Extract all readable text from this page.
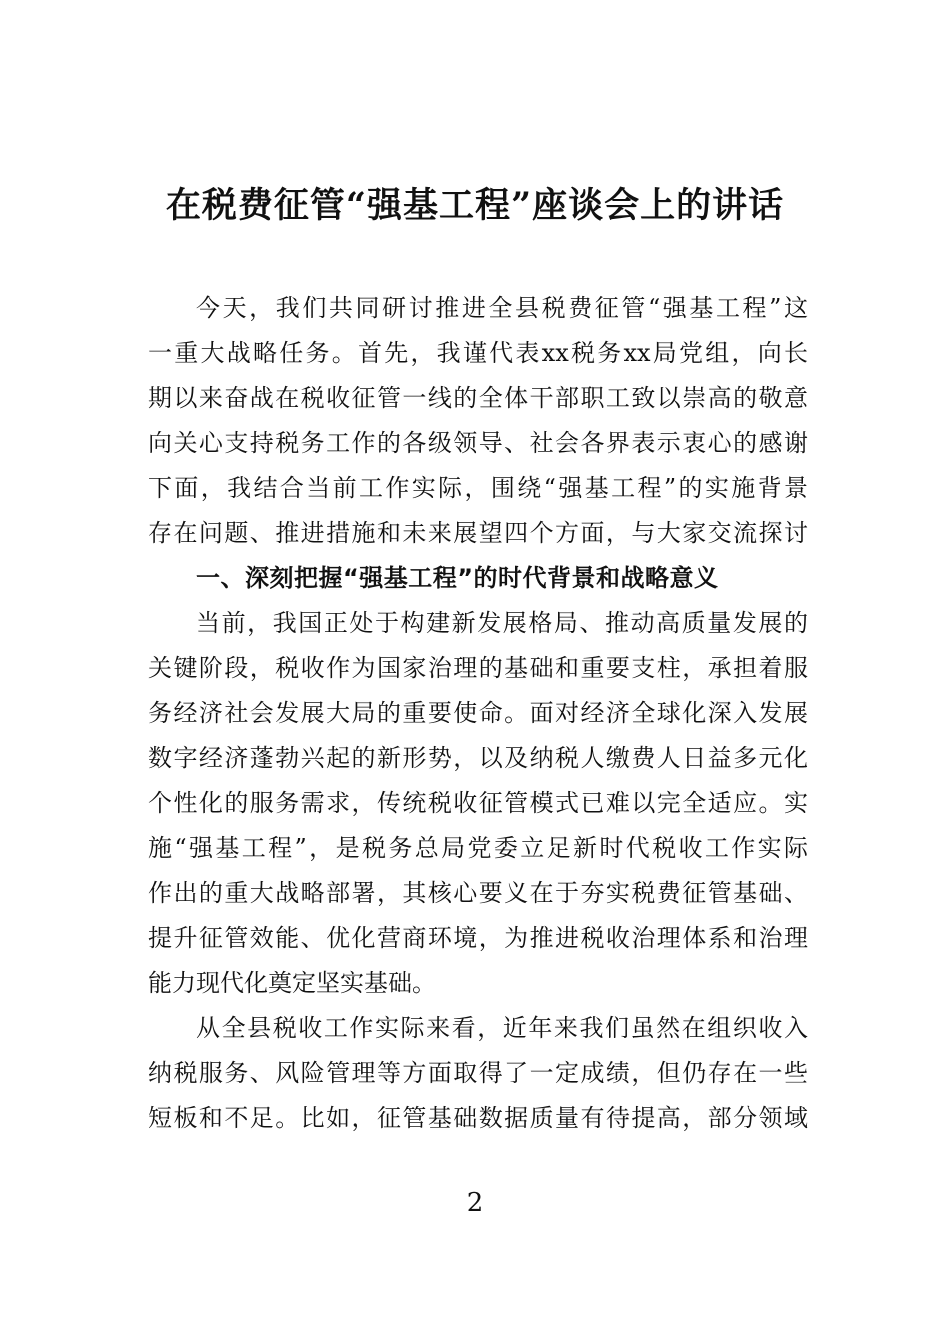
在税费征管“强基工程”座谈会上的讲话
今天，我们共同研讨推进全县税费征管“强基工程”这
一重大战略任务。首先，我谨代表xx税务xx局党组，向长
期以来奋战在税收征管一线的全体干部职工致以崇高的敬意
向关心支持税务工作的各级领导、社会各界表示衷心的感谢
下面，我结合当前工作实际，围绕“强基工程”的实施背景
存在问题、推进措施和未来展望四个方面，与大家交流探讨
一、深刻把握“强基工程”的时代背景和战略意义
当前，我国正处于构建新发展格局、推动高质量发展的
关键阶段，税收作为国家治理的基础和重要支柱，承担着服
务经济社会发展大局的重要使命。面对经济全球化深入发展
数字经济蓬勃兴起的新形势，以及纳税人缴费人日益多元化
个性化的服务需求，传统税收征管模式已难以完全适应。实
施“强基工程”，是税务总局党委立足新时代税收工作实际
作出的重大战略部署，其核心要义在于夯实税费征管基础、
提升征管效能、优化营商环境，为推进税收治理体系和治理
能力现代化奠定坚实基础。
从全县税收工作实际来看，近年来我们虽然在组织收入
纳税服务、风险管理等方面取得了一定成绩，但仍存在一些
短板和不足。比如，征管基础数据质量有待提高，部分领域
2
